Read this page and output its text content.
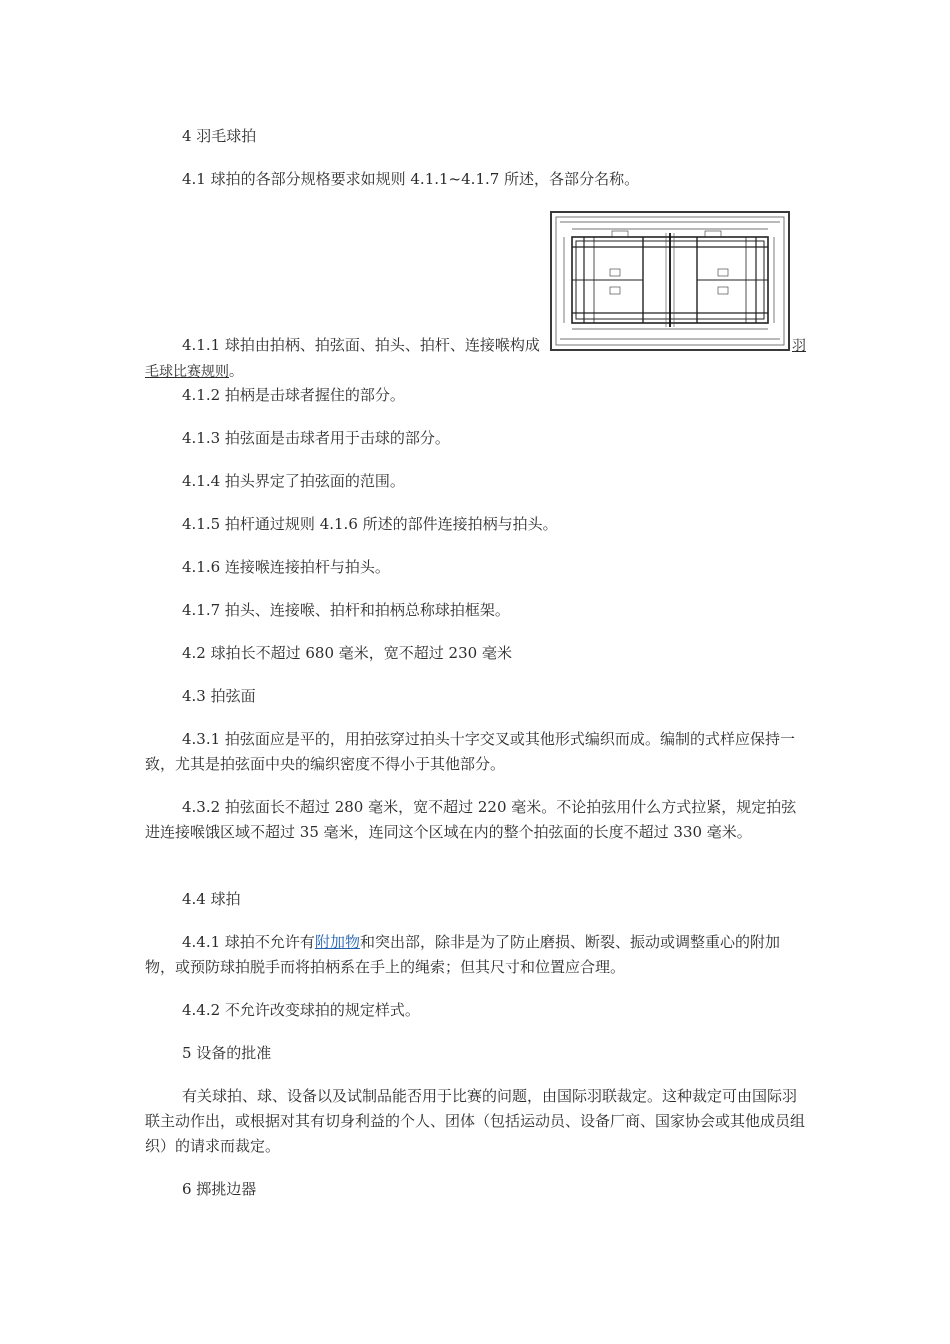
4 羽毛球拍

4.1 球拍的各部分规格要求如规则 4.1.1~4.1.7 所述，各部分名称。

4.1.1 球拍由拍柄、拍弦面、拍头、拍杆、连接喉构成	羽

毛球比赛规则。

4.1.2 拍柄是击球者握住的部分。

4.1.3 拍弦面是击球者用于击球的部分。

4.1.4 拍头界定了拍弦面的范围。

4.1.5 拍杆通过规则 4.1.6 所述的部件连接拍柄与拍头。

4.1.6 连接喉连接拍杆与拍头。

4.1.7 拍头、连接喉、拍杆和拍柄总称球拍框架。

4.2 球拍长不超过 680 毫米，宽不超过 230 毫米

4.3 拍弦面

4.3.1 拍弦面应是平的，用拍弦穿过拍头十字交叉或其他形式编织而成。编制的式样应保持一致，尤其是拍弦面中央的编织密度不得小于其他部分。

4.3.2 拍弦面长不超过 280 毫米，宽不超过 220 毫米。不论拍弦用什么方式拉紧，规定拍弦进连接喉饿区域不超过 35 毫米，连同这个区域在内的整个拍弦面的长度不超过 330 毫米。

4.4 球拍

4.4.1 球拍不允许有附加物和突出部，除非是为了防止磨损、断裂、振动或调整重心的附加物，或预防球拍脱手而将拍柄系在手上的绳索；但其尺寸和位置应合理。

4.4.2 不允许改变球拍的规定样式。

5 设备的批准

有关球拍、球、设备以及试制品能否用于比赛的问题，由国际羽联裁定。这种裁定可由国际羽联主动作出，或根据对其有切身利益的个人、团体（包括运动员、设备厂商、国家协会或其他成员组织）的请求而裁定。

6 掷挑边器
